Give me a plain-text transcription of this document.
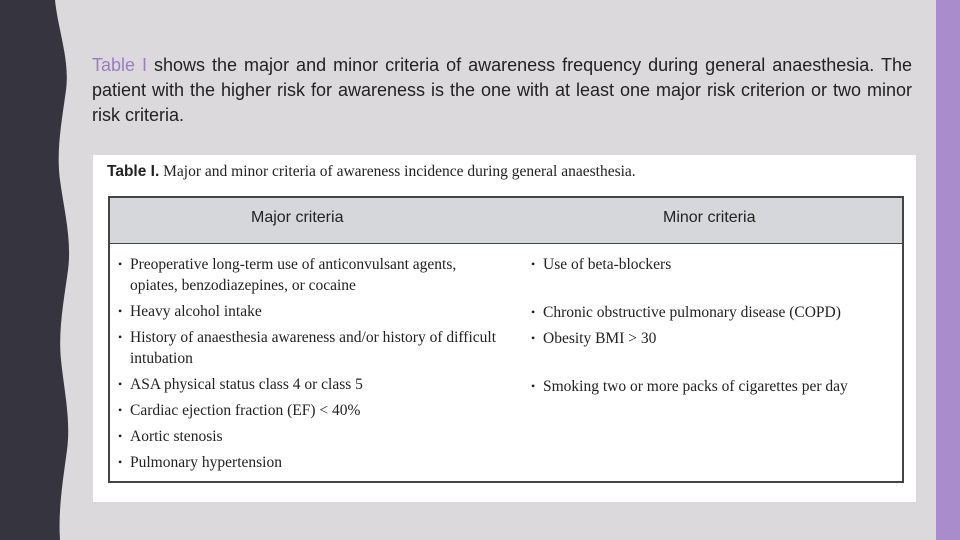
Table I shows the major and minor criteria of awareness frequency during general anaesthesia. The patient with the higher risk for awareness is the one with at least one major risk criterion or two minor risk criteria.

Table I. Major and minor criteria of awareness incidence during general anaesthesia.

Major criteria	Minor criteria

• Preoperative long-term use of anticonvulsant agents, opiates, benzodiazepines, or cocaine
• Heavy alcohol intake
• History of anaesthesia awareness and/or history of difficult intubation
• ASA physical status class 4 or class 5
• Cardiac ejection fraction (EF) < 40%
• Aortic stenosis
• Pulmonary hypertension
• Use of beta-blockers
• Chronic obstructive pulmonary disease (COPD)
• Obesity BMI > 30
• Smoking two or more packs of cigarettes per day
